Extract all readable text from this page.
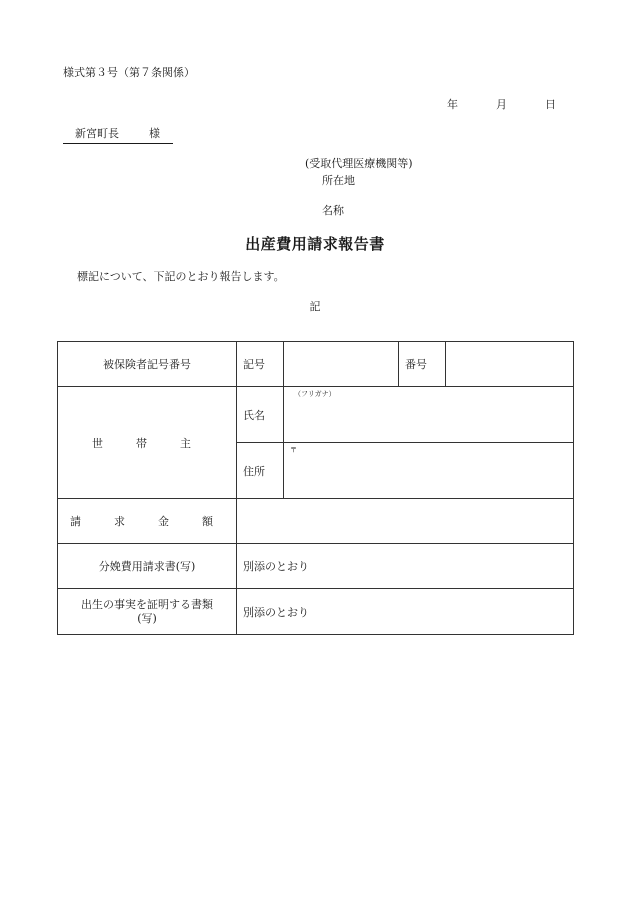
様式第３号（第７条関係）
年	月	日
新宮町長	様
(受取代理医療機関等)
所在地
名称
出産費用請求報告書
標記について、下記のとおり報告します。
記
被保険者記号番号	記号		番号	
世　帯　主	氏名	（フリガナ）		

	住所	〒		

請　求　金　額				
分娩費用請求書(写)	別添のとおり			

出生の事実を証明する書類
(写)	別添のとおり			
